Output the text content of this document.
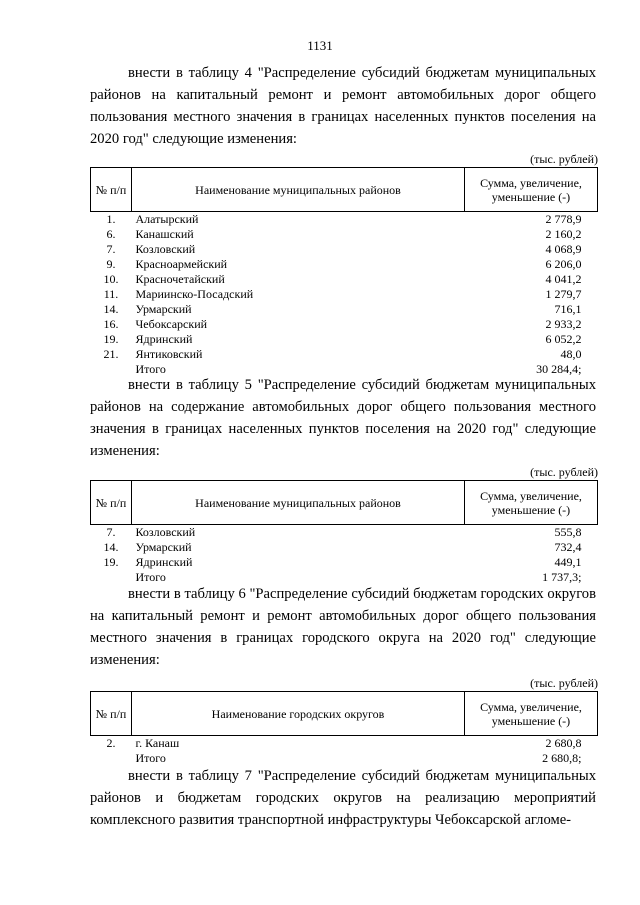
1131

внести в таблицу 4 "Распределение субсидий бюджетам муниципальных районов на капитальный ремонт и ремонт автомобильных дорог общего пользования местного значения в границах населенных пунктов поселения на 2020 год" следующие изменения:

(тыс. рублей)
№ п/п	Наименование муниципальных районов	Сумма, увеличение, уменьшение (-)
1.	Алатырский	2 778,9
6.	Канашский	2 160,2
7.	Козловский	4 068,9
9.	Красноармейский	6 206,0
10.	Красночетайский	4 041,2
11.	Мариинско-Посадский	1 279,7
14.	Урмарский	716,1
16.	Чебоксарский	2 933,2
19.	Ядринский	6 052,2
21.	Янтиковский	48,0
	Итого	30 284,4;

внести в таблицу 5 "Распределение субсидий бюджетам муниципальных районов на содержание автомобильных дорог общего пользования местного значения в границах населенных пунктов поселения на 2020 год" следующие изменения:

(тыс. рублей)
№ п/п	Наименование муниципальных районов	Сумма, увеличение, уменьшение (-)
7.	Козловский	555,8
14.	Урмарский	732,4
19.	Ядринский	449,1
	Итого	1 737,3;

внести в таблицу 6 "Распределение субсидий бюджетам городских округов на капитальный ремонт и ремонт автомобильных дорог общего пользования местного значения в границах городского округа на 2020 год" следующие изменения:

(тыс. рублей)
№ п/п	Наименование городских округов	Сумма, увеличение, уменьшение (-)
2.	г. Канаш	2 680,8
	Итого	2 680,8;

внести в таблицу 7 "Распределение субсидий бюджетам муниципальных районов и бюджетам городских округов на реализацию мероприятий комплексного развития транспортной инфраструктуры Чебоксарской агломе-
